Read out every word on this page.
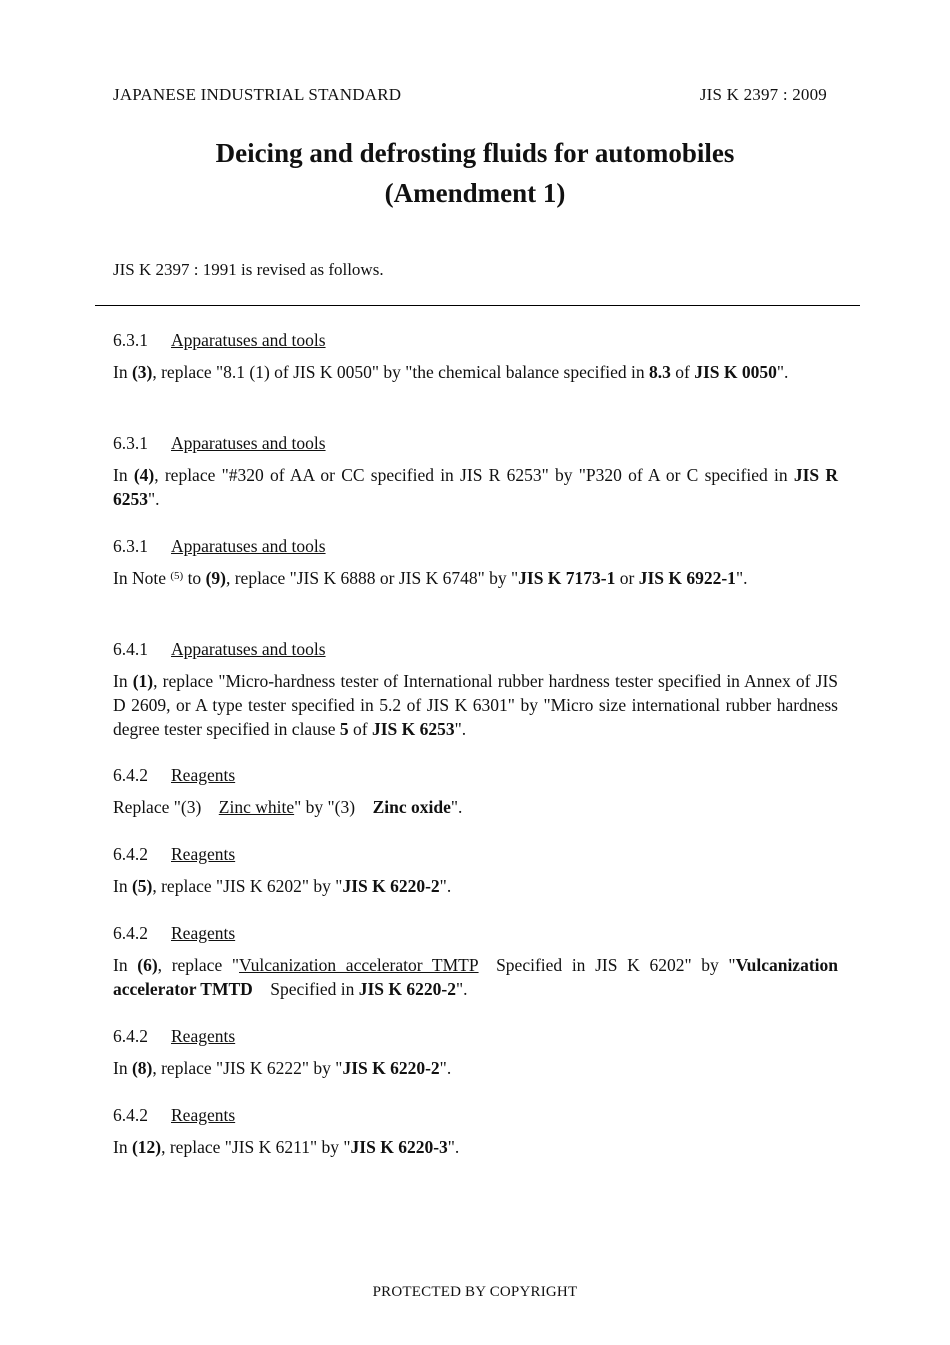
JAPANESE INDUSTRIAL STANDARD	JIS K 2397 : 2009
Deicing and defrosting fluids for automobiles
(Amendment 1)
JIS K 2397 : 1991 is revised as follows.
6.3.1 Apparatuses and tools

In (3), replace "8.1 (1) of JIS K 0050" by "the chemical balance specified in 8.3 of JIS K 0050".

6.3.1 Apparatuses and tools

In (4), replace "#320 of AA or CC specified in JIS R 6253" by "P320 of A or C specified in JIS R 6253".

6.3.1 Apparatuses and tools

In Note $^{(5)}$ to (9), replace "JIS K 6888 or JIS K 6748" by "JIS K 7173-1 or JIS K 6922-1".

6.4.1 Apparatuses and tools

In (1), replace "Micro-hardness tester of International rubber hardness tester specified in Annex of JIS D 2609, or A type tester specified in 5.2 of JIS K 6301" by "Micro size international rubber hardness degree tester specified in clause 5 of JIS K 6253".

6.4.2 Reagents

Replace "(3) Zinc white" by "(3) Zinc oxide".

6.4.2 Reagents

In (5), replace "JIS K 6202" by "JIS K 6220-2".

6.4.2 Reagents

In (6), replace "Vulcanization accelerator TMTP Specified in JIS K 6202" by "Vulcanization accelerator TMTD Specified in JIS K 6220-2".

6.4.2 Reagents

In (8), replace "JIS K 6222" by "JIS K 6220-2".

6.4.2 Reagents

In (12), replace "JIS K 6211" by "JIS K 6220-3".

PROTECTED BY COPYRIGHT
